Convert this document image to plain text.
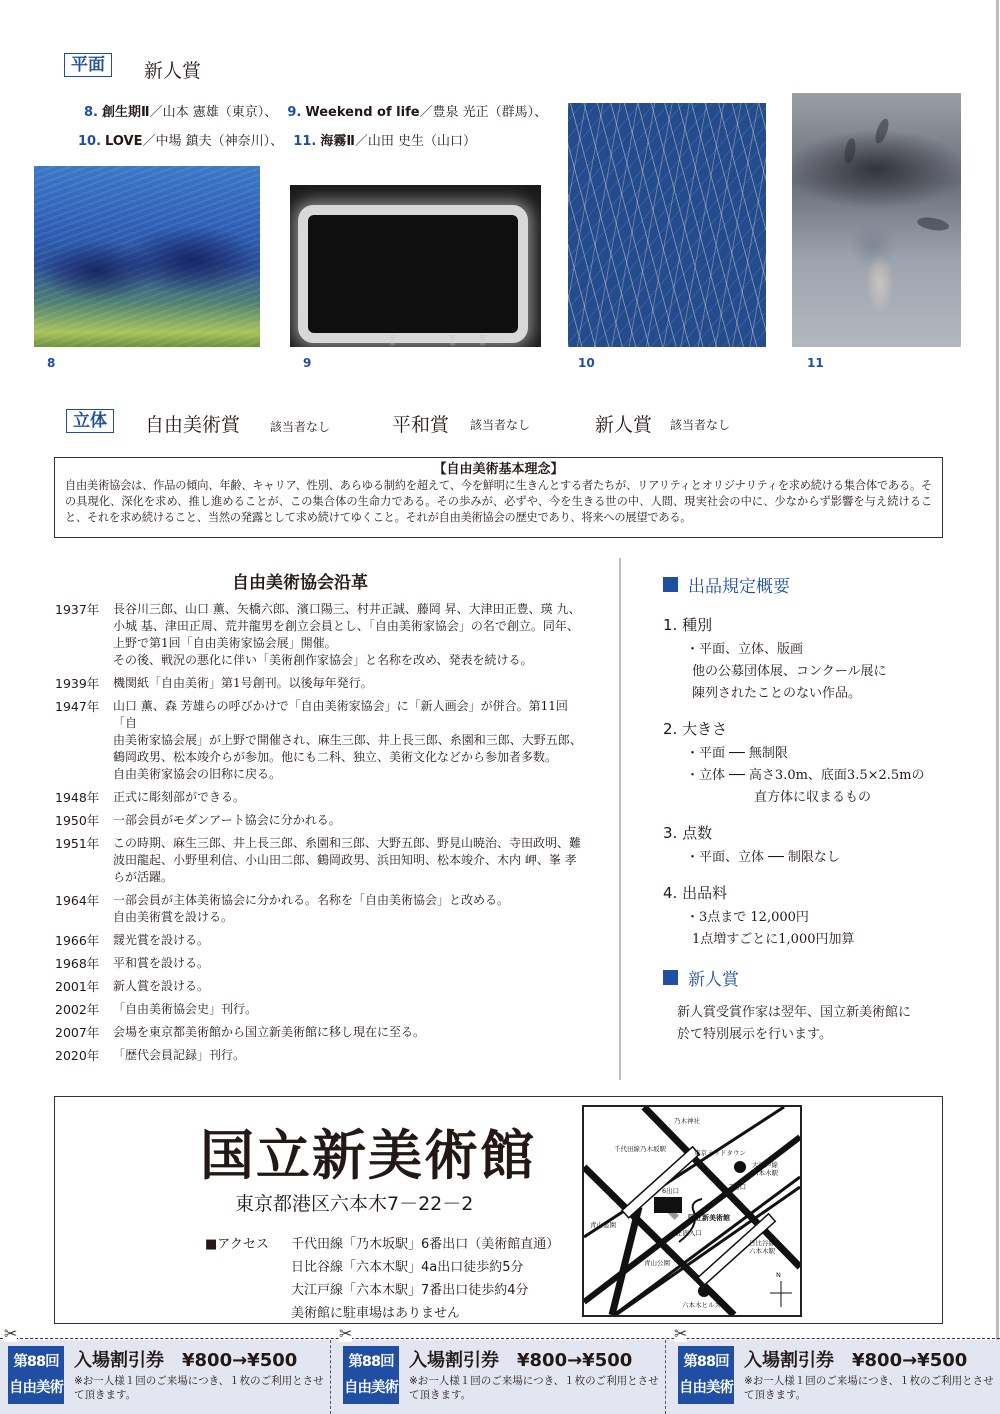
平面	新人賞
8. 創生期Ⅱ／山本 憲雄（東京）、 9. Weekend of life／豊泉 光正（群馬）、
10. LOVE／中場 鎮夫（神奈川）、 11. 海霧Ⅱ／山田 史生（山口）
8	9	10	11
立体	自由美術賞 該当者なし	平和賞 該当者なし	新人賞 該当者なし
【自由美術基本理念】

自由美術協会は、作品の傾向、年齢、キャリア、性別、あらゆる制約を超えて、今を鮮明に生きんとする者たちが、リアリティとオリジナリティを求め続ける集合体である。その具現化、深化を求め、推し進めることが、この集合体の生命力である。その歩みが、必ずや、今を生きる世の中、人間、現実社会の中に、少なからず影響を与え続けること、それを求め続けること、当然の発露として求め続けてゆくこと。それが自由美術協会の歴史であり、将来への展望である。

自由美術協会沿革
1937年	長谷川三郎、山口 薫、矢橋六郎、濱口陽三、村井正誠、藤岡 昇、大津田正豊、瑛 九、
小城 基、津田正周、荒井龍男を創立会員とし、「自由美術家協会」の名で創立。同年、
上野で第1回「自由美術家協会展」開催。
その後、戦況の悪化に伴い「美術創作家協会」と名称を改め、発表を続ける。
1939年	機関紙「自由美術」第1号創刊。以後毎年発行。
1947年	山口 薫、森 芳雄らの呼びかけで「自由美術家協会」に「新人画会」が併合。第11回「自
由美術家協会展」が上野で開催され、麻生三郎、井上長三郎、糸園和三郎、大野五郎、
鶴岡政男、松本竣介らが参加。他にも二科、独立、美術文化などから参加者多数。
自由美術家協会の旧称に戻る。
1948年	正式に彫刻部ができる。
1950年	一部会員がモダンアート協会に分かれる。
1951年	この時期、麻生三郎、井上長三郎、糸園和三郎、大野五郎、野見山暁治、寺田政明、難
波田龍起、小野里利信、小山田二郎、鶴岡政男、浜田知明、松本竣介、木内 岬、峯 孝
らが活躍。
1964年	一部会員が主体美術協会に分かれる。名称を「自由美術協会」と改める。
自由美術賞を設ける。
1966年	靉光賞を設ける。
1968年	平和賞を設ける。
2001年	新人賞を設ける。
2002年	「自由美術協会史」刊行。
2007年	会場を東京都美術館から国立新美術館に移し現在に至る。
2020年	「歴代会員記録」刊行。
出品規定概要
1. 種別
・平面、立体、版画
他の公募団体展、コンクール展に
陳列されたことのない作品。
2. 大きさ
・平面 ── 無制限
・立体 ── 高さ3.0m、底面3.5×2.5mの
直方体に収まるもの
3. 点数
・平面、立体 ── 制限なし
4. 出品料
・3点まで 12,000円
1点増すごとに1,000円加算
新人賞
新人賞受賞作家は翌年、国立新美術館に
於て特別展示を行います。
国立新美術館
東京都港区六本木7－22－2
■アクセス 千代田線「乃木坂駅」6番出口（美術館直通）
日比谷線「六本木駅」4a出口徒歩約5分
大江戸線「六本木駅」7番出口徒歩約4分
美術館に駐車場はありません
乃木神社
千代田線乃木坂駅	東京ミッドタウン
大江戸線
六本木駅
7出口
6出口
国立新美術館
青山霊園
正面入口
青山公園
日比谷線
六本木駅
六本木ヒルズ
N
✂
第88回
自由美術
入場割引券　¥800→¥500
※お一人様１回のご来場につき、１枚のご利用とさせて頂きます。
✂
第88回
自由美術
入場割引券　¥800→¥500
※お一人様１回のご来場につき、１枚のご利用とさせて頂きます。
✂
第88回
自由美術
入場割引券　¥800→¥500
※お一人様１回のご来場につき、１枚のご利用とさせて頂きます。
